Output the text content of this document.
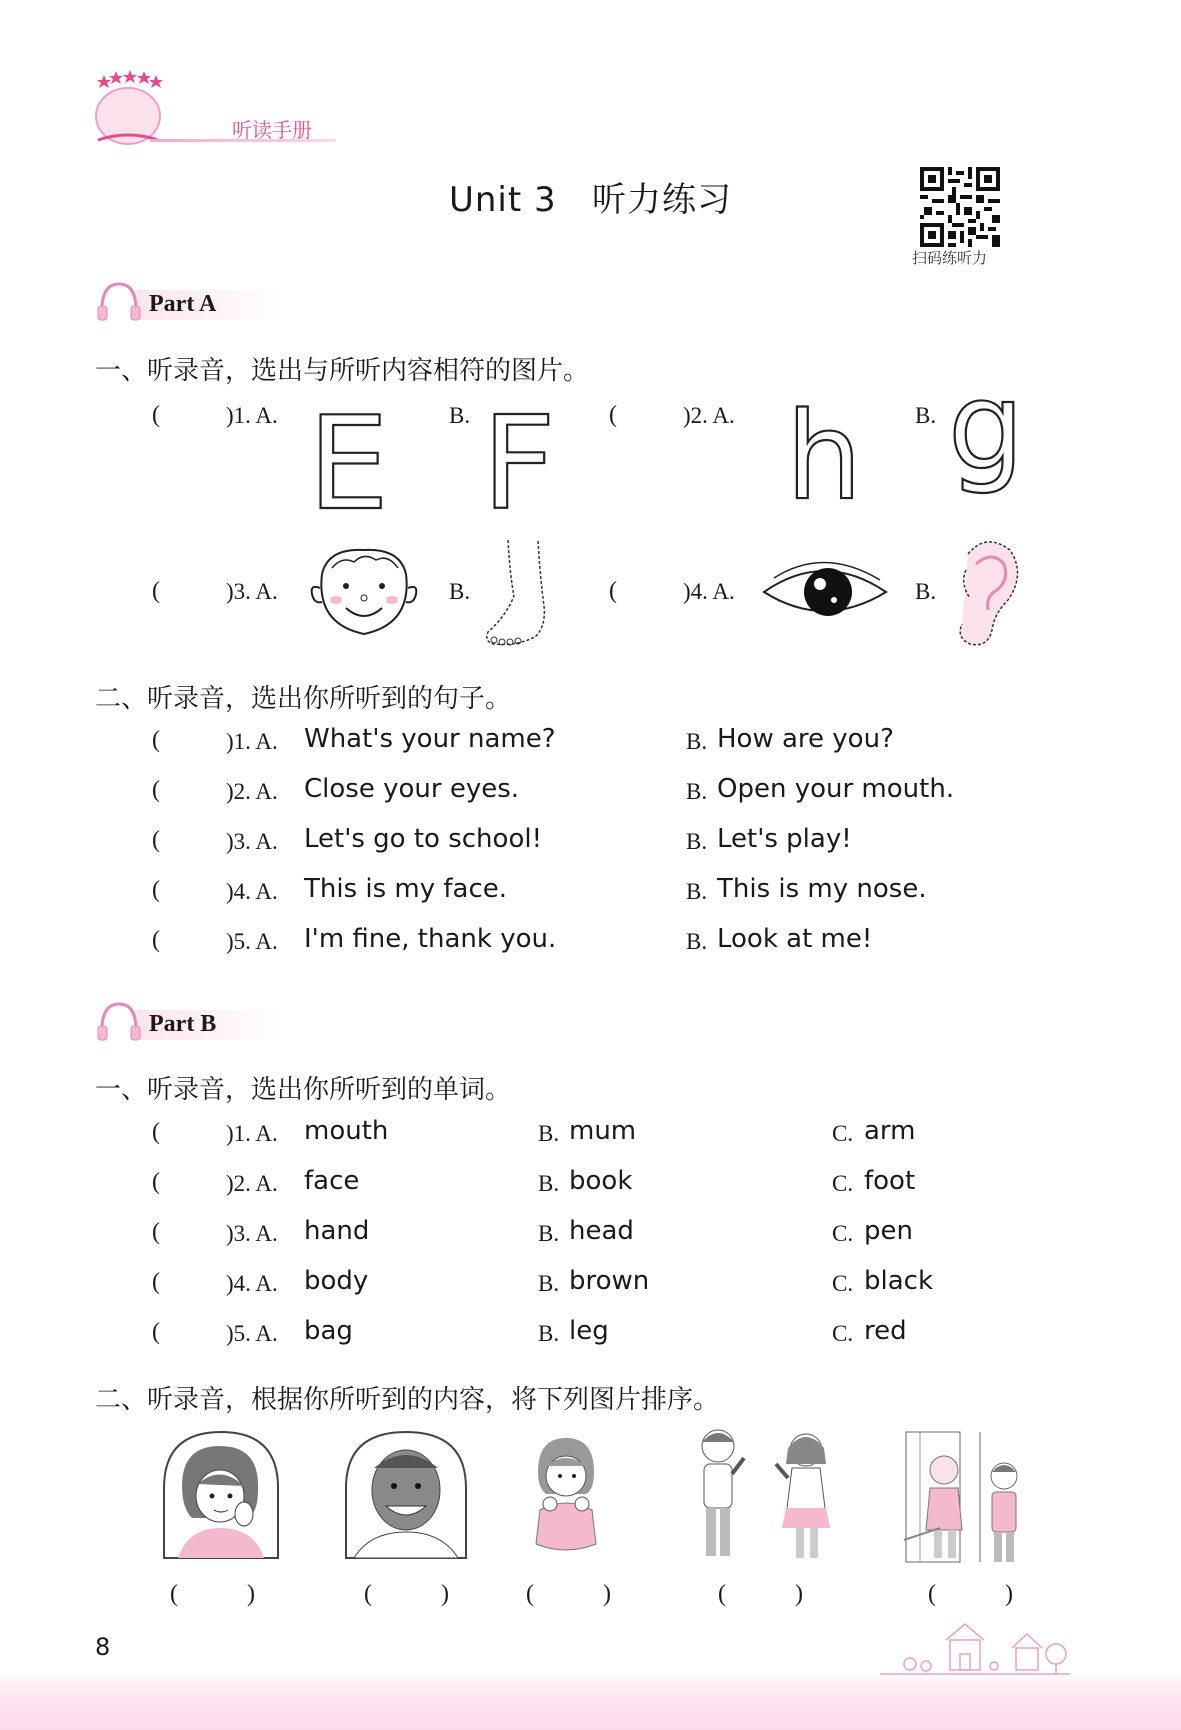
听读手册
Unit 3   听力练习
扫码练听力
Part A
一、听录音，选出与所听内容相符的图片。
(	)1. A. E	B. F (	)2. A. h B. g
(	)3. A.	B.	(	)4. A.	B.
二、听录音，选出你所听到的句子。
(	)1. A. What's your name?	B. How are you?
(	)2. A. Close your eyes.	B. Open your mouth.
(	)3. A. Let's go to school!	B. Let's play!
(	)4. A. This is my face.	B. This is my nose.
(	)5. A. I'm fine, thank you.	B. Look at me!
Part B
一、听录音，选出你所听到的单词。
(	)1. A. mouth	B. mum	C. arm
(	)2. A. face	B. book	C. foot
(	)3. A. hand	B. head	C. pen
(	)4. A. body	B. brown	C. black
(	)5. A. bag	B. leg	C. red
二、听录音，根据你所听到的内容，将下列图片排序。
(	)	(	)	(	)	(	)	(	)
8
